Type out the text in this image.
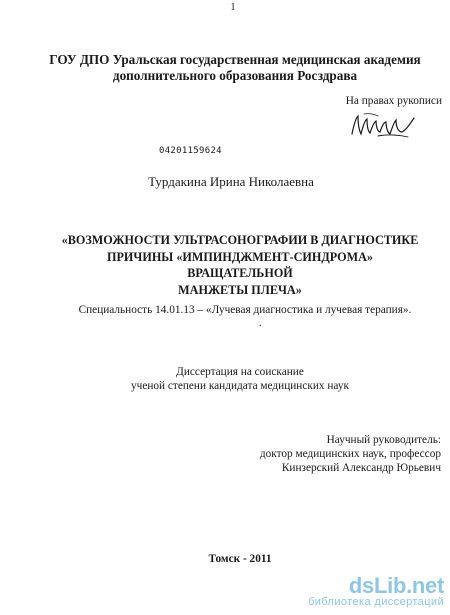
1
ГОУ ДПО Уральская государственная медицинская академия
дополнительного образования Росздрава
На правах рукописи
04201159624
Турдакина Ирина Николаевна
«ВОЗМОЖНОСТИ УЛЬТРАСОНОГРАФИИ В ДИАГНОСТИКЕ
ПРИЧИНЫ «ИМПИНДЖМЕНТ-СИНДРОМА» ВРАЩАТЕЛЬНОЙ
МАНЖЕТЫ ПЛЕЧА»
Специальность 14.01.13 – «Лучевая диагностика и лучевая терапия».
.
Диссертация на соискание
ученой степени кандидата медицинских наук
Научный руководитель:
доктор медицинских наук, профессор
Кинзерский Александр Юрьевич
Томск - 2011
dsLib.net
библиотека диссертаций
